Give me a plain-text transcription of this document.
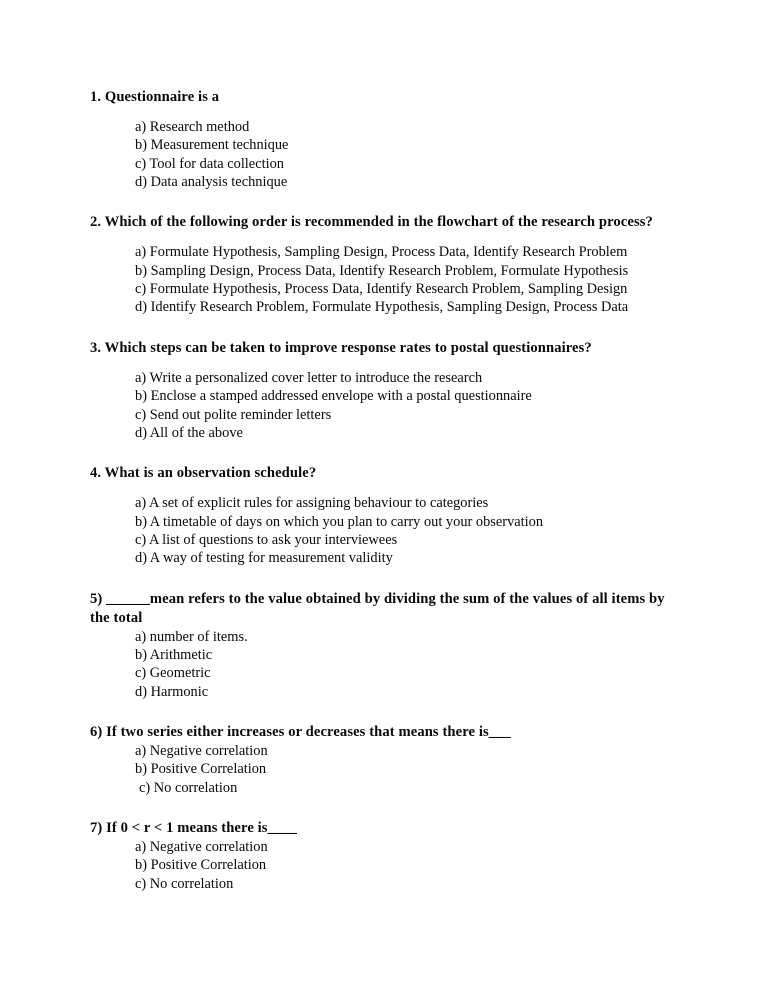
1. Questionnaire is a

a) Research method
b) Measurement technique
c) Tool for data collection
d) Data analysis technique

2. Which of the following order is recommended in the flowchart of the research process?

a) Formulate Hypothesis, Sampling Design, Process Data, Identify Research Problem
b) Sampling Design, Process Data, Identify Research Problem, Formulate Hypothesis
c) Formulate Hypothesis, Process Data, Identify Research Problem, Sampling Design
d) Identify Research Problem, Formulate Hypothesis, Sampling Design, Process Data

3. Which steps can be taken to improve response rates to postal questionnaires?

a) Write a personalized cover letter to introduce the research
b) Enclose a stamped addressed envelope with a postal questionnaire
c) Send out polite reminder letters
d) All of the above

4. What is an observation schedule?

a) A set of explicit rules for assigning behaviour to categories
b) A timetable of days on which you plan to carry out your observation
c) A list of questions to ask your interviewees
d) A way of testing for measurement validity

5) ______mean refers to the value obtained by dividing the sum of the values of all items by the total

a) number of items.
b) Arithmetic
c) Geometric
d) Harmonic

6) If two series either increases or decreases that means there is___

a) Negative correlation
b) Positive Correlation
c) No correlation

7) If 0 < r < 1 means there is____

a) Negative correlation
b) Positive Correlation
c) No correlation
